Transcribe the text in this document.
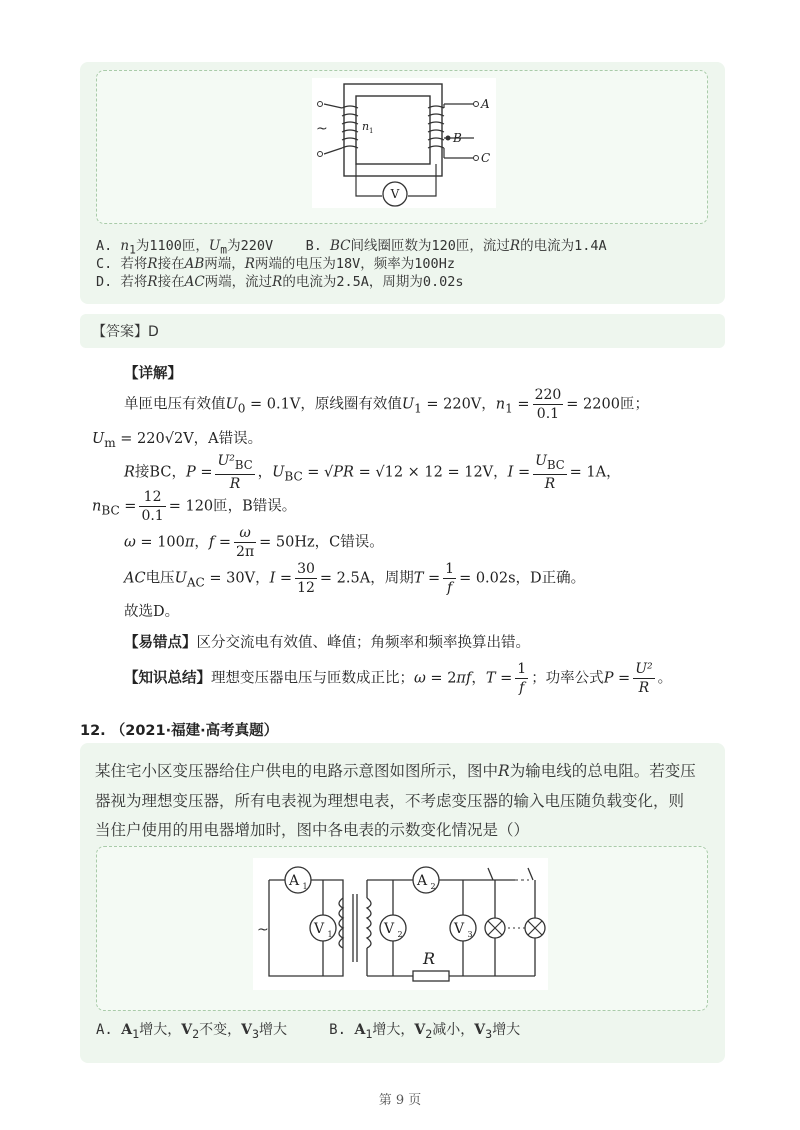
V
~	n 1
A
B
C
A. $n_1$为1100匝，$U_m$为220V B. BC间线圈匝数为120匝，流过R的电流为1.4A
C. 若将R接在AB两端，R两端的电压为18V，频率为100Hz
D. 若将R接在AC两端，流过R的电流为2.5A，周期为0.02s
【答案】D
【详解】
单匝电压有效值$U_0 = 0.1V$，原线圈有效值$U_1 = 220V$，$n_1 = \frac{220}{0.1} = 2200$匝；
$U_m = 220√2V$，A错误。
R接BC，$P = \frac{U^2_{BC}}{R}$ ，$U_{BC} = √PR = √12 \times 12 = 12V$，$I = \frac{U_{BC}}{R} = 1A$，
$n_{BC} = \frac{12}{0.1} = 120$匝，B错误。
ω = 100π，$f = \frac{\omega}{2\pi} = 50Hz$，C错误。
AC电压$U_{AC} = 30V$，$I = \frac{30}{12} = 2.5A$，周期$T = \frac{1}{f} = 0.02s$，D正确。
故选D。
【易错点】区分交流电有效值、峰值；角频率和频率换算出错。
【知识总结】理想变压器电压与匝数成正比；ω = 2πf，$T = \frac{1}{f}$ ；功率公式$P = \frac{\text{U²}}{R}$ 。
12. （2021·福建·高考真题）
某住宅小区变压器给住户供电的电路示意图如图所示，图中R为输电线的总电阻。若变压
器视为理想变压器，所有电表视为理想电表，不考虑变压器的输入电压随负载变化，则
当住户使用的用电器增加时，图中各电表的示数变化情况是（）
~
A 1
V 1
A 2
V 2	V 3
R
A. $A_1$增大，$V_2$不变，$V_3$增大	B. $A_1$增大，$V_2$减小，$V_3$增大
第 9 页
